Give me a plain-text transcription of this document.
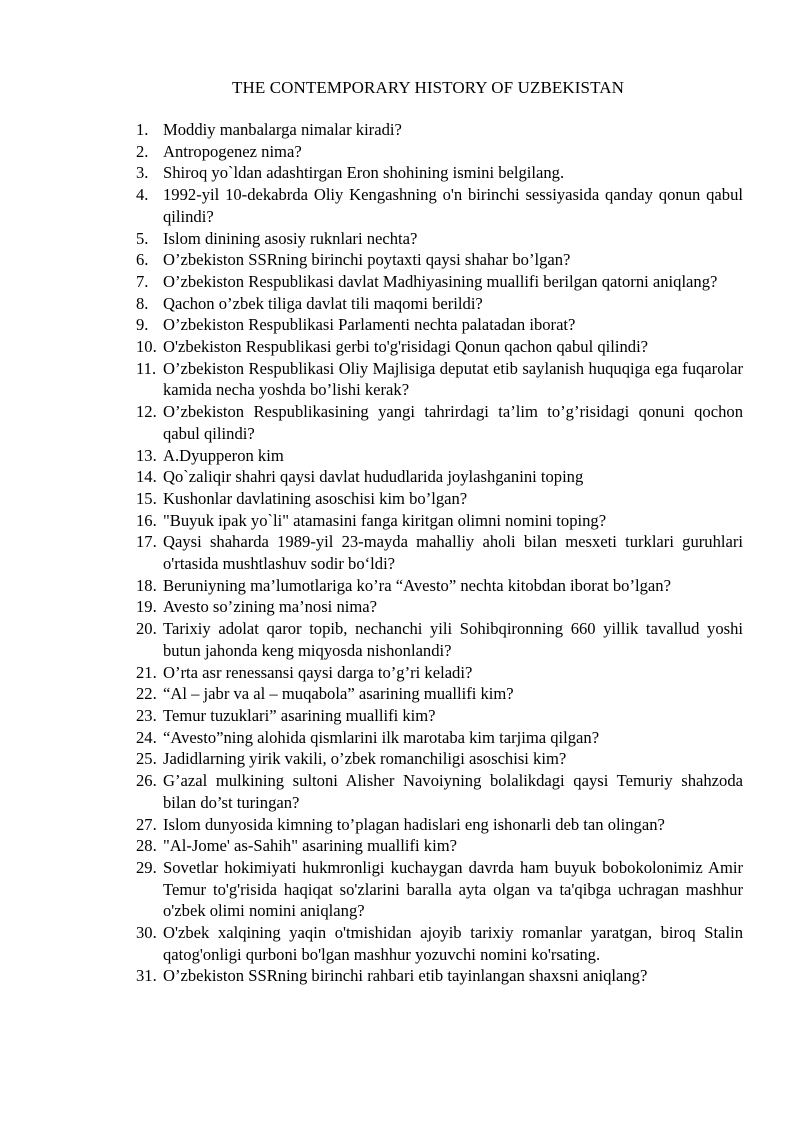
THE CONTEMPORARY HISTORY OF UZBEKISTAN
1. Moddiy manbalarga nimalar kiradi?
2. Antropogenez nima?
3. Shiroq yo`ldan adashtirgan Eron shohining ismini belgilang.
4. 1992-yil 10-dekabrda Oliy Kengashning o'n birinchi sessiyasida qanday qonun qabul qilindi?
5. Islom dinining asosiy ruknlari nechta?
6. O’zbekiston SSRning birinchi poytaxti qaysi shahar bo’lgan?
7. O’zbekiston Respublikasi davlat Madhiyasining muallifi berilgan qatorni aniqlang?
8. Qachon o’zbek tiliga davlat tili maqomi berildi?
9. O’zbekiston Respublikasi Parlamenti nechta palatadan iborat?
10. O'zbekiston Respublikasi gerbi to'g'risidagi Qonun qachon qabul qilindi?
11. O’zbekiston Respublikasi Oliy Majlisiga deputat etib saylanish huquqiga ega fuqarolar kamida necha yoshda bo’lishi kerak?
12. O’zbekiston Respublikasining yangi tahrirdagi ta’lim to’g’risidagi qonuni qochon qabul qilindi?
13. A.Dyupperon kim
14. Qo`zaliqir shahri qaysi davlat hududlarida joylashganini toping
15. Kushonlar davlatining asoschisi kim bo’lgan?
16. "Buyuk ipak yo`li" atamasini fanga kiritgan olimni nomini toping?
17. Qaysi shaharda 1989-yil 23-mayda mahalliy aholi bilan mesxeti turklari guruhlari o'rtasida mushtlashuv sodir bo‘ldi?
18. Beruniyning ma’lumotlariga ko’ra “Avesto” nechta kitobdan iborat bo’lgan?
19. Avesto so’zining ma’nosi nima?
20. Tarixiy adolat qaror topib, nechanchi yili Sohibqironning 660 yillik tavallud yoshi butun jahonda keng miqyosda nishonlandi?
21. O’rta asr renessansi qaysi darga to’g’ri keladi?
22. “Al – jabr va al – muqabola” asarining muallifi kim?
23. Temur tuzuklari” asarining muallifi kim?
24. “Avesto”ning alohida qismlarini ilk marotaba kim tarjima qilgan?
25. Jadidlarning yirik vakili, o’zbek romanchiligi asoschisi kim?
26. G’azal mulkining sultoni Alisher Navoiyning bolalikdagi qaysi Temuriy shahzoda bilan do’st turingan?
27. Islom dunyosida kimning to’plagan hadislari eng ishonarli deb tan olingan?
28. "Al-Jome' as-Sahih" asarining muallifi kim?
29. Sovetlar hokimiyati hukmronligi kuchaygan davrda ham buyuk bobokolonimiz Amir Temur to'g'risida haqiqat so'zlarini baralla ayta olgan va ta'qibga uchragan mashhur o'zbek olimi nomini aniqlang?
30. O'zbek xalqining yaqin o'tmishidan ajoyib tarixiy romanlar yaratgan, biroq Stalin qatog'onligi qurboni bo'lgan mashhur yozuvchi nomini ko'rsating.
31. O’zbekiston SSRning birinchi rahbari etib tayinlangan shaxsni aniqlang?
